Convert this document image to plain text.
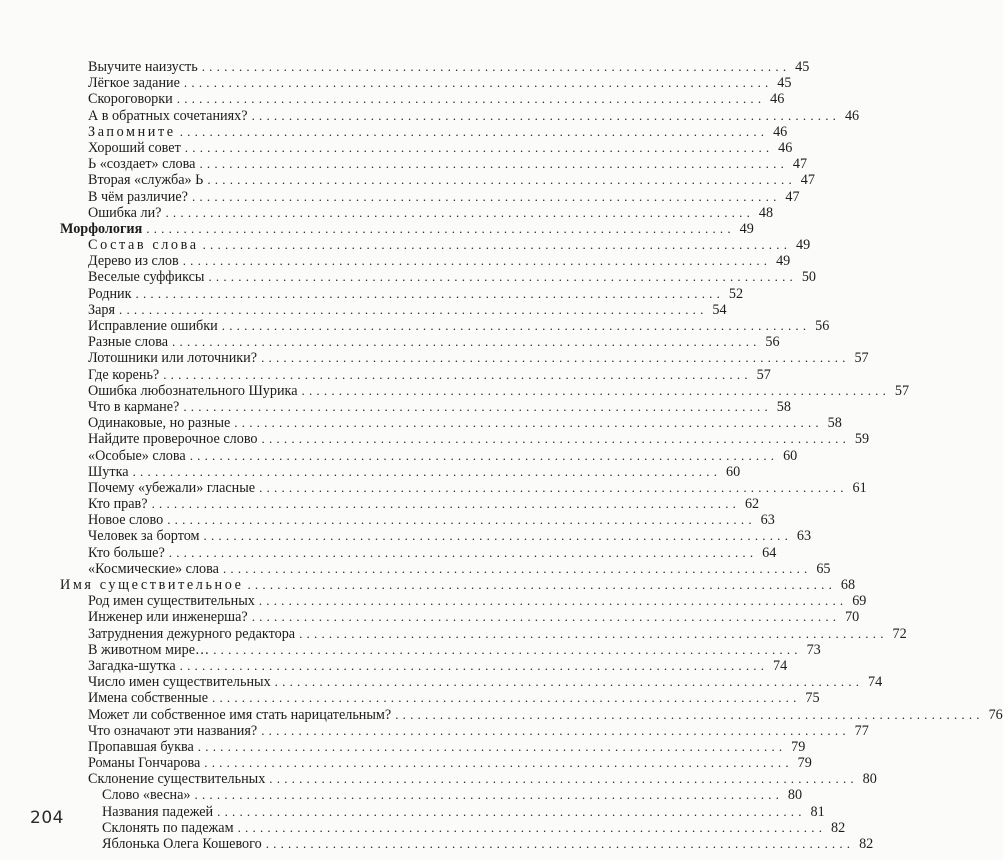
Выучите наизусть ............................................................................... 45
Лёгкое задание ............................................................................... 45
Скороговорки ............................................................................... 46
А в обратных сочетаниях? ............................................................................... 46
Запомните ............................................................................... 46
Хороший совет ............................................................................... 46
Ь «создает» слова ............................................................................... 47
Вторая «служба» Ь ............................................................................... 47
В чём различие? ............................................................................... 47
Ошибка ли? ............................................................................... 48
Морфология ............................................................................... 49
Состав слова ............................................................................... 49
Дерево из слов ............................................................................... 49
Веселые суффиксы ............................................................................... 50
Родник ............................................................................... 52
Заря ............................................................................... 54
Исправление ошибки ............................................................................... 56
Разные слова ............................................................................... 56
Лотошники или лоточники? ............................................................................... 57
Где корень? ............................................................................... 57
Ошибка любознательного Шурика ............................................................................... 57
Что в кармане? ............................................................................... 58
Одинаковые, но разные ............................................................................... 58
Найдите проверочное слово ............................................................................... 59
«Особые» слова ............................................................................... 60
Шутка ............................................................................... 60
Почему «убежали» гласные ............................................................................... 61
Кто прав? ............................................................................... 62
Новое слово ............................................................................... 63
Человек за бортом ............................................................................... 63
Кто больше? ............................................................................... 64
«Космические» слова ............................................................................... 65
Имя существительное ............................................................................... 68
Род имен существительных ............................................................................... 69
Инженер или инженерша? ............................................................................... 70
Затруднения дежурного редактора ............................................................................... 72
В животном мире… ............................................................................... 73
Загадка-шутка ............................................................................... 74
Число имен существительных ............................................................................... 74
Имена собственные ............................................................................... 75
Может ли собственное имя стать нарицательным? ............................................................................... 76
Что означают эти названия? ............................................................................... 77
Пропавшая буква ............................................................................... 79
Романы Гончарова ............................................................................... 79
Склонение существительных ............................................................................... 80
Слово «весна» ............................................................................... 80
Названия падежей ............................................................................... 81
Склонять по падежам ............................................................................... 82
Яблонька Олега Кошевого ............................................................................... 82
204
